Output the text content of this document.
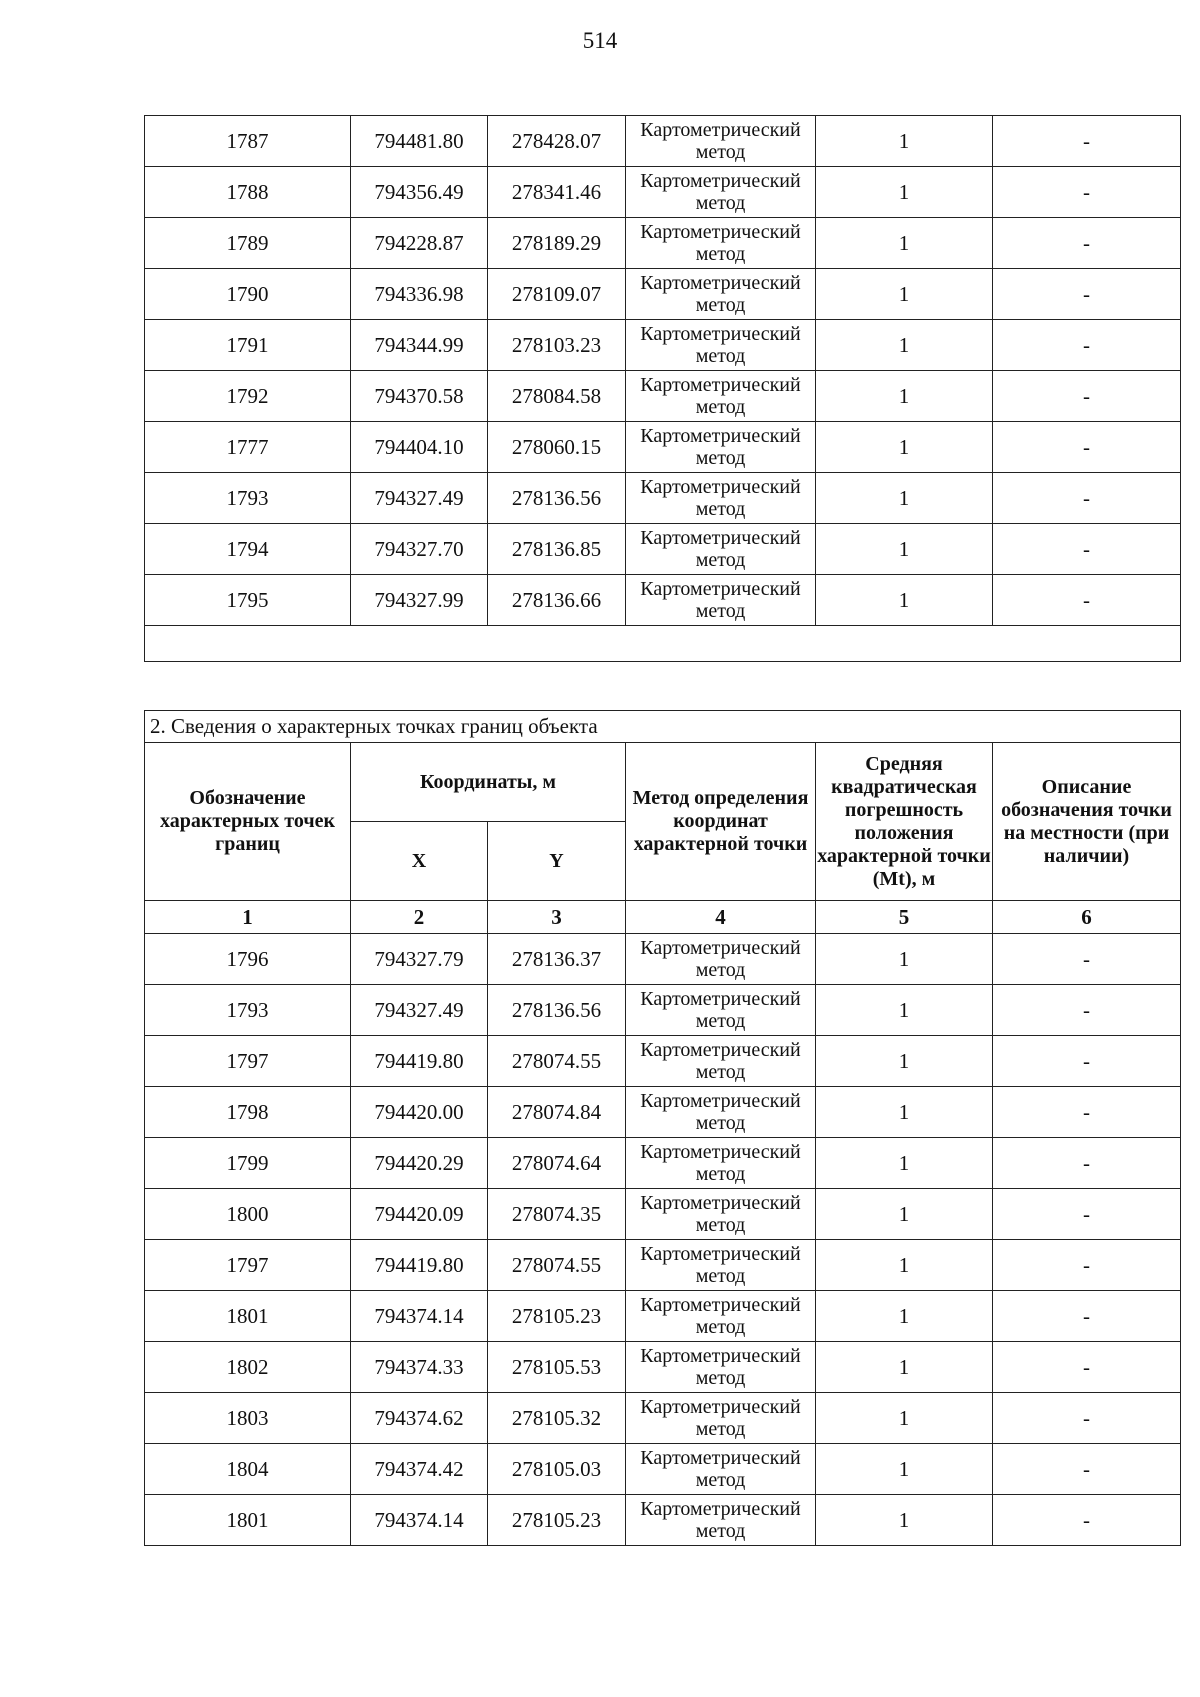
514
1787	794481.80	278428.07	Картометрический метод	1	-
1788	794356.49	278341.46	Картометрический метод	1	-
1789	794228.87	278189.29	Картометрический метод	1	-
1790	794336.98	278109.07	Картометрический метод	1	-
1791	794344.99	278103.23	Картометрический метод	1	-
1792	794370.58	278084.58	Картометрический метод	1	-
1777	794404.10	278060.15	Картометрический метод	1	-
1793	794327.49	278136.56	Картометрический метод	1	-
1794	794327.70	278136.85	Картометрический метод	1	-
1795	794327.99	278136.66	Картометрический метод	1	-

2. Сведения о характерных точках границ объекта					
Обозначение характерных точек границ	Координаты, м		Метод определения координат характерной точки	Средняя квадратическая погрешность положения характерной точки (Mt), м	Описание обозначения точки на местности (при наличии)
	X	Y			
1	2	3	4	5	6
1796	794327.79	278136.37	Картометрический метод	1	-
1793	794327.49	278136.56	Картометрический метод	1	-
1797	794419.80	278074.55	Картометрический метод	1	-
1798	794420.00	278074.84	Картометрический метод	1	-
1799	794420.29	278074.64	Картометрический метод	1	-
1800	794420.09	278074.35	Картометрический метод	1	-
1797	794419.80	278074.55	Картометрический метод	1	-
1801	794374.14	278105.23	Картометрический метод	1	-
1802	794374.33	278105.53	Картометрический метод	1	-
1803	794374.62	278105.32	Картометрический метод	1	-
1804	794374.42	278105.03	Картометрический метод	1	-
1801	794374.14	278105.23	Картометрический метод	1	-
